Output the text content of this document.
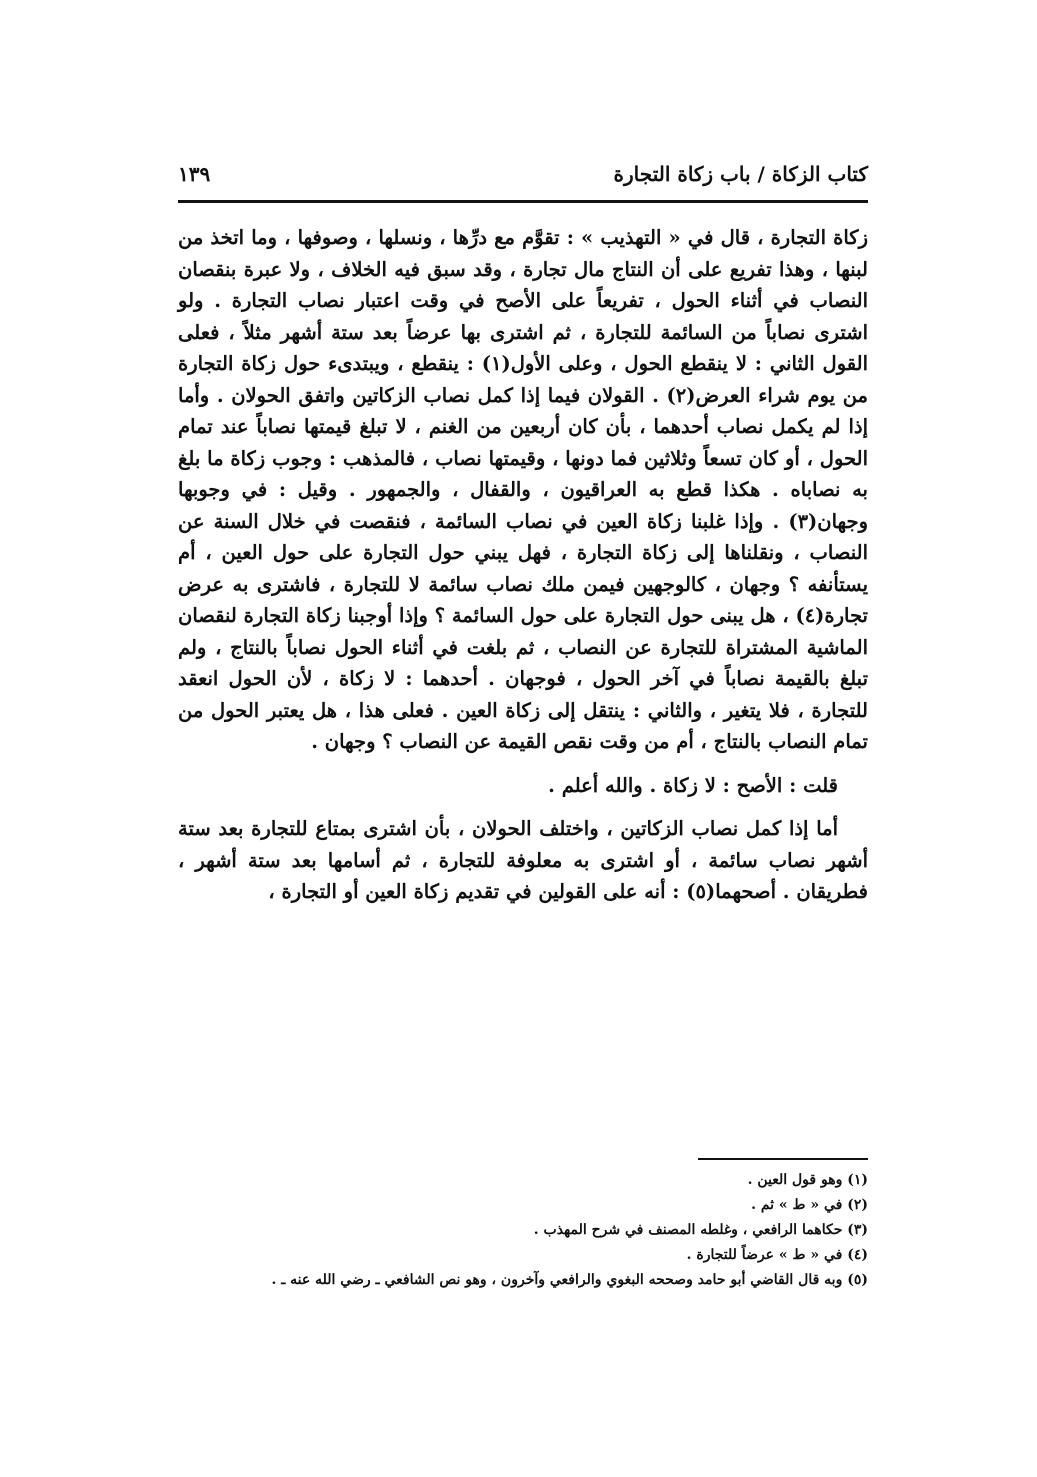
كتاب الزكاة / باب زكاة التجارة
١٣٩

زكاة التجارة ، قال في « التهذيب » : تقوَّم مع درِّها ، ونسلها ، وصوفها ، وما اتخذ من لبنها ، وهذا تفريع على أن النتاج مال تجارة ، وقد سبق فيه الخلاف ، ولا عبرة بنقصان النصاب في أثناء الحول ، تفريعاً على الأصح في وقت اعتبار نصاب التجارة . ولو اشترى نصاباً من السائمة للتجارة ، ثم اشترى بها عرضاً بعد ستة أشهر مثلاً ، فعلى القول الثاني : لا ينقطع الحول ، وعلى الأول(١) : ينقطع ، ويبتدىء حول زكاة التجارة من يوم شراء العرض(٢) . القولان فيما إذا كمل نصاب الزكاتين واتفق الحولان . وأما إذا لم يكمل نصاب أحدهما ، بأن كان أربعين من الغنم ، لا تبلغ قيمتها نصاباً عند تمام الحول ، أو كان تسعاً وثلاثين فما دونها ، وقيمتها نصاب ، فالمذهب : وجوب زكاة ما بلغ به نصاباه . هكذا قطع به العراقيون ، والقفال ، والجمهور . وقيل : في وجوبها وجهان(٣) . وإذا غلبنا زكاة العين في نصاب السائمة ، فنقصت في خلال السنة عن النصاب ، ونقلناها إلى زكاة التجارة ، فهل يبني حول التجارة على حول العين ، أم يستأنفه ؟ وجهان ، كالوجهين فيمن ملك نصاب سائمة لا للتجارة ، فاشترى به عرض تجارة(٤) ، هل يبنى حول التجارة على حول السائمة ؟ وإذا أوجبنا زكاة التجارة لنقصان الماشية المشتراة للتجارة عن النصاب ، ثم بلغت في أثناء الحول نصاباً بالنتاج ، ولم تبلغ بالقيمة نصاباً في آخر الحول ، فوجهان . أحدهما : لا زكاة ، لأن الحول انعقد للتجارة ، فلا يتغير ، والثاني : ينتقل إلى زكاة العين . فعلى هذا ، هل يعتبر الحول من تمام النصاب بالنتاج ، أم من وقت نقص القيمة عن النصاب ؟ وجهان .

قلت : الأصح : لا زكاة . والله أعلم .

أما إذا كمل نصاب الزكاتين ، واختلف الحولان ، بأن اشترى بمتاع للتجارة بعد ستة أشهر نصاب سائمة ، أو اشترى به معلوفة للتجارة ، ثم أسامها بعد ستة أشهر ، فطريقان . أصحهما(٥) : أنه على القولين في تقديم زكاة العين أو التجارة ،

(١) وهو قول العين .
(٢) في « ط » ثم .
(٣) حكاهما الرافعي ، وغلطه المصنف في شرح المهذب .
(٤) في « ط » عرضاً للتجارة .
(٥) وبه قال القاضي أبو حامد وصححه البغوي والرافعي وآخرون ، وهو نص الشافعي ـ رضي الله عنه ـ .
